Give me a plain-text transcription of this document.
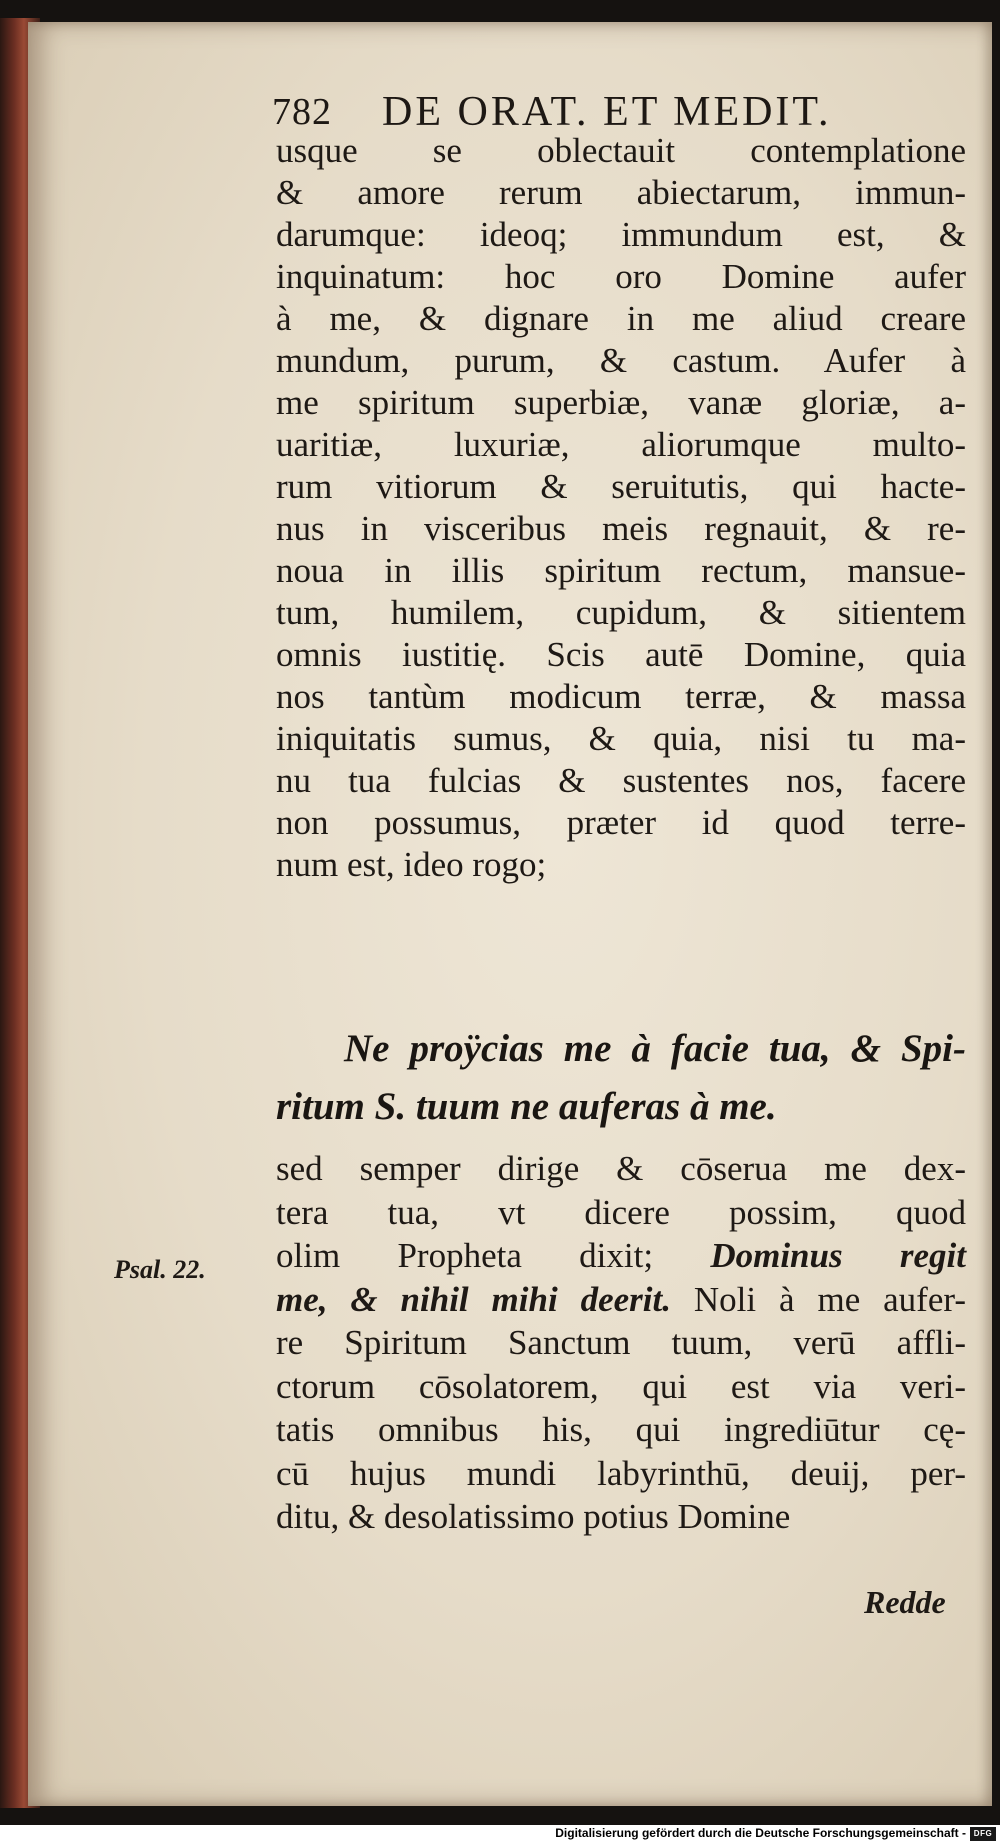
782 DE ORAT. ET MEDIT.
usque se oblectauit contemplatione
& amore rerum abiectarum, immun-
darumque: ideoq; immundum est, &
inquinatum: hoc oro Domine aufer
à me, & dignare in me aliud creare
mundum, purum, & castum. Aufer à
me spiritum superbiæ, vanæ gloriæ, a-
uaritiæ, luxuriæ, aliorumque multo-
rum vitiorum & seruitutis, qui hacte-
nus in visceribus meis regnauit, & re-
noua in illis spiritum rectum, mansue-
tum, humilem, cupidum, & sitientem
omnis iustitię. Scis autē Domine, quia
nos tantùm modicum terræ, & massa
iniquitatis sumus, & quia, nisi tu ma-
nu tua fulcias & sustentes nos, facere
non possumus, præter id quod terre-
num est, ideo rogo;
Ne proÿcias me à facie tua, & Spi-
ritum S. tuum ne auferas à me.
sed semper dirige & cōserua me dex-
tera tua, vt dicere possim, quod
olim Propheta dixit; Dominus regit
me, & nihil mihi deerit. Noli à me aufer-
re Spiritum Sanctum tuum, verū affli-
ctorum cōsolatorem, qui est via veri-
tatis omnibus his, qui ingrediūtur cę-
cū hujus mundi labyrinthū, deuij, per-
ditu, & desolatissimo potius Domine
Psal. 22.
Redde
Digitalisierung gefördert durch die Deutsche Forschungsgemeinschaft - DFG
